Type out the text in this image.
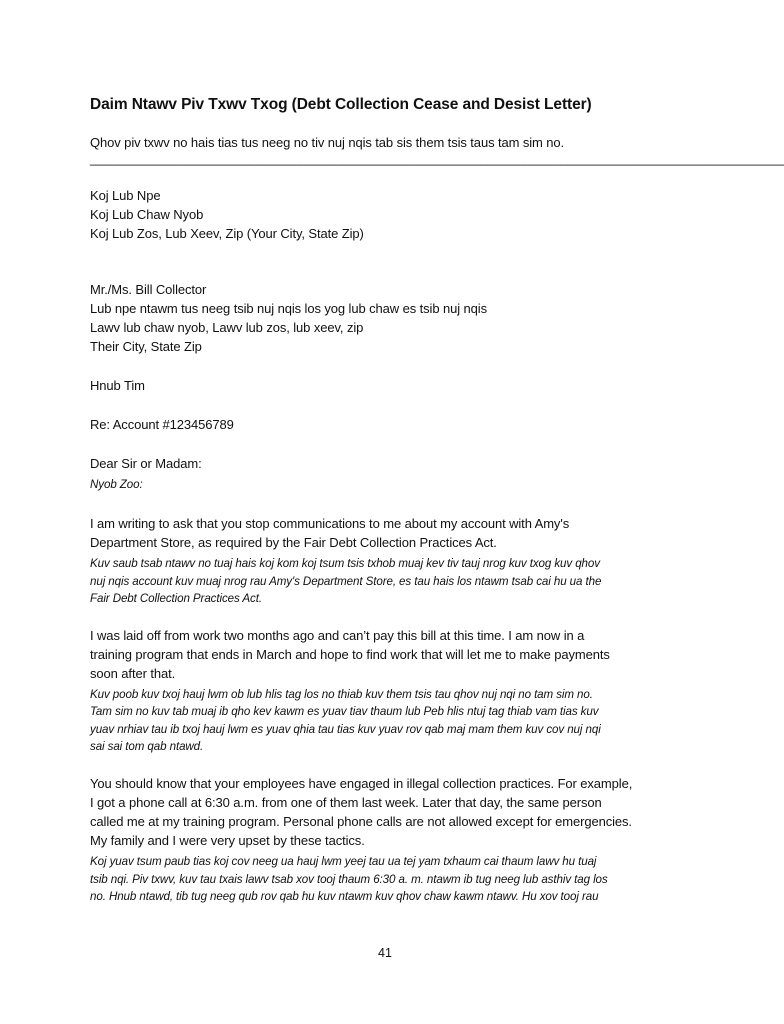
Daim Ntawv Piv Txwv Txog (Debt Collection Cease and Desist Letter)
Qhov piv txwv no hais tias tus neeg no tiv nuj nqis tab sis them tsis taus tam sim no.
________________________________________________________________________________________________
Koj Lub Npe
Koj Lub Chaw Nyob
Koj Lub Zos, Lub Xeev, Zip (Your City, State Zip)
Mr./Ms. Bill Collector
Lub npe ntawm tus neeg tsib nuj nqis los yog lub chaw es tsib nuj nqis
Lawv lub chaw nyob, Lawv lub zos, lub xeev, zip
Their City, State Zip
Hnub Tim
Re: Account #123456789
Dear Sir or Madam:
Nyob Zoo:
I am writing to ask that you stop communications to me about my account with Amy's
Department Store, as required by the Fair Debt Collection Practices Act.
Kuv saub tsab ntawv no tuaj hais koj kom koj tsum tsis txhob muaj kev tiv tauj nrog kuv txog kuv qhov
nuj nqis account kuv muaj nrog rau Amy's Department Store, es tau hais los ntawm tsab cai hu ua the
Fair Debt Collection Practices Act.
I was laid off from work two months ago and can’t pay this bill at this time. I am now in a
training program that ends in March and hope to find work that will let me to make payments
soon after that.
Kuv poob kuv txoj hauj lwm ob lub hlis tag los no thiab kuv them tsis tau qhov nuj nqi no tam sim no.
Tam sim no kuv tab muaj ib qho kev kawm es yuav tiav thaum lub Peb hlis ntuj tag thiab vam tias kuv
yuav nrhiav tau ib txoj hauj lwm es yuav qhia tau tias kuv yuav rov qab maj mam them kuv cov nuj nqi
sai sai tom qab ntawd.
You should know that your employees have engaged in illegal collection practices. For example,
I got a phone call at 6:30 a.m. from one of them last week. Later that day, the same person
called me at my training program. Personal phone calls are not allowed except for emergencies.
My family and I were very upset by these tactics.
Koj yuav tsum paub tias koj cov neeg ua hauj lwm yeej tau ua tej yam txhaum cai thaum lawv hu tuaj
tsib nqi. Piv txwv, kuv tau txais lawv tsab xov tooj thaum 6:30 a. m. ntawm ib tug neeg lub asthiv tag los
no. Hnub ntawd, tib tug neeg qub rov qab hu kuv ntawm kuv qhov chaw kawm ntawv. Hu xov tooj rau
41
